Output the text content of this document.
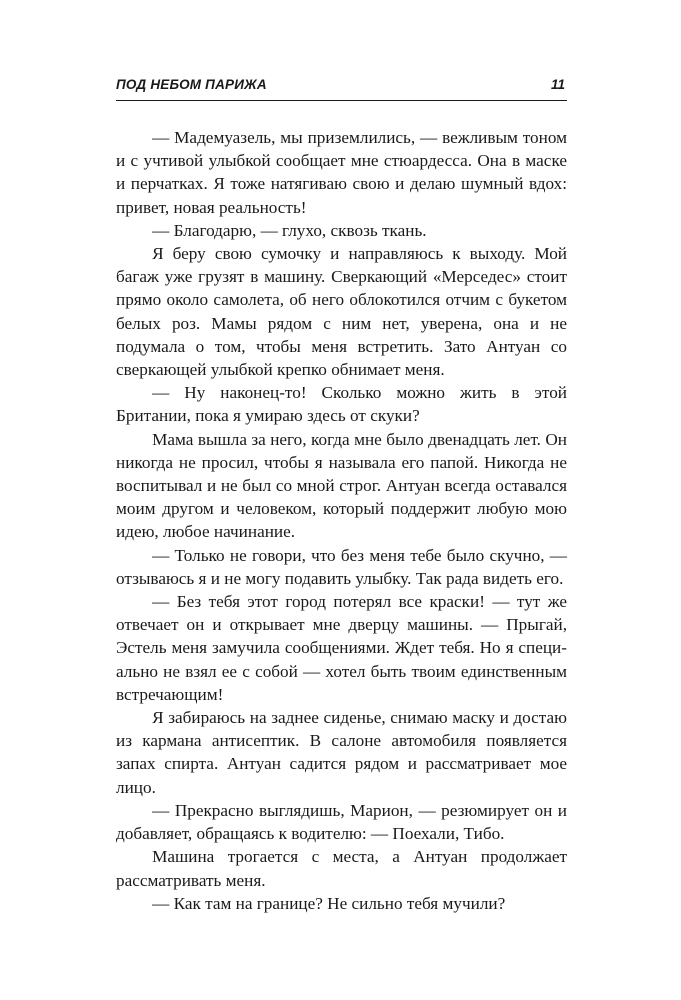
ПОД НЕБОМ ПАРИЖА	11

— Мадемуазель, мы приземлились, — вежливым тоном и с учтивой улыбкой сообщает мне стюардесса. Она в маске и перчатках. Я тоже натягиваю свою и делаю шумный вдох: привет, новая реальность!

— Благодарю, — глухо, сквозь ткань.

Я беру свою сумочку и направляюсь к выходу. Мой багаж уже грузят в машину. Сверкающий «Мерседес» стоит прямо около самолета, об него облокотился отчим с букетом белых роз. Мамы рядом с ним нет, уверена, она и не подумала о том, чтобы меня встретить. Зато Антуан со сверкающей улыбкой крепко обнимает меня.

— Ну наконец-то! Сколько можно жить в этой Британии, пока я умираю здесь от скуки?

Мама вышла за него, когда мне было двенадцать лет. Он никогда не просил, чтобы я называла его папой. Никогда не воспитывал и не был со мной строг. Антуан всегда оставался моим другом и человеком, который поддержит любую мою идею, любое начинание.

— Только не говори, что без меня тебе было скучно, — отзываюсь я и не могу подавить улыбку. Так рада видеть его.

— Без тебя этот город потерял все краски! — тут же отвечает он и открывает мне дверцу машины. — Прыгай, Эстель меня замучила сообщениями. Ждет тебя. Но я специально не взял ее с собой — хотел быть твоим единственным встречающим!

Я забираюсь на заднее сиденье, снимаю маску и достаю из кармана антисептик. В салоне автомобиля появляется запах спирта. Антуан садится рядом и рассматривает мое лицо.

— Прекрасно выглядишь, Марион, — резюмирует он и добавляет, обращаясь к водителю: — Поехали, Тибо.

Машина трогается с места, а Антуан продолжает рассматривать меня.

— Как там на границе? Не сильно тебя мучили?
